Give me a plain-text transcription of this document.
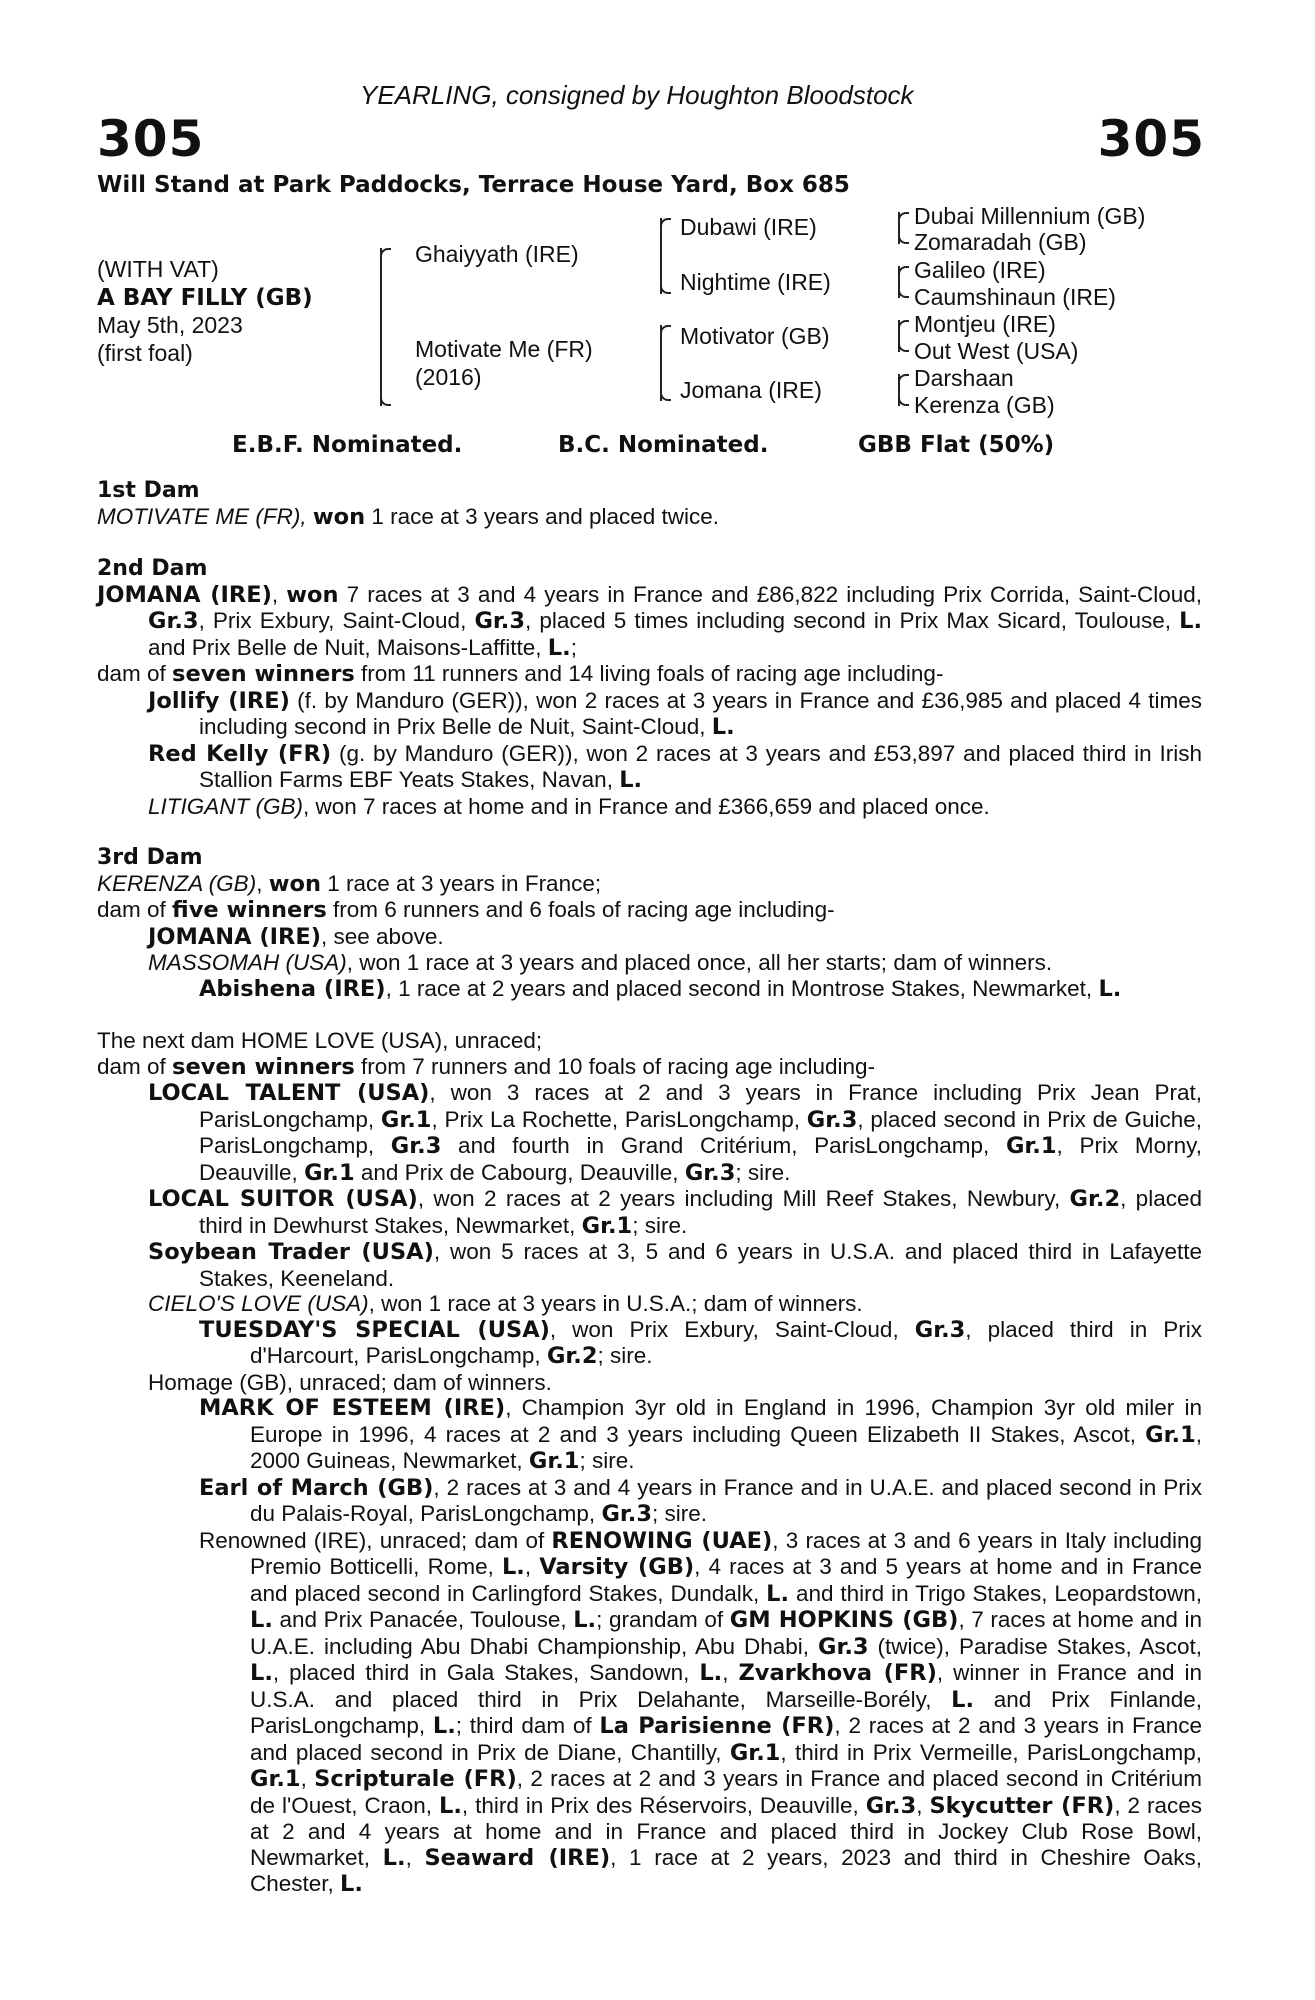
YEARLING, consigned by Houghton Bloodstock
305	305
Will Stand at Park Paddocks, Terrace House Yard, Box 685
(WITH VAT)
A BAY FILLY (GB)
May 5th, 2023
(first foal)
Ghaiyyath (IRE)
Motivate Me (FR)
(2016)
Dubawi (IRE)
Nightime (IRE)
Motivator (GB)
Jomana (IRE)
Dubai Millennium (GB)
Zomaradah (GB)
Galileo (IRE)
Caumshinaun (IRE)
Montjeu (IRE)
Out West (USA)
Darshaan
Kerenza (GB)
E.B.F. Nominated.	B.C. Nominated.	GBB Flat (50%)
1st Dam
MOTIVATE ME (FR), won 1 race at 3 years and placed twice.
2nd Dam
JOMANA (IRE), won 7 races at 3 and 4 years in France and £86,822 including Prix Corrida, Saint-Cloud, Gr.3, Prix Exbury, Saint-Cloud, Gr.3, placed 5 times including second in Prix Max Sicard, Toulouse, L. and Prix Belle de Nuit, Maisons-Laffitte, L.;
dam of seven winners from 11 runners and 14 living foals of racing age including-
Jollify (IRE) (f. by Manduro (GER)), won 2 races at 3 years in France and £36,985 and placed 4 times including second in Prix Belle de Nuit, Saint-Cloud, L.
Red Kelly (FR) (g. by Manduro (GER)), won 2 races at 3 years and £53,897 and placed third in Irish Stallion Farms EBF Yeats Stakes, Navan, L.
LITIGANT (GB), won 7 races at home and in France and £366,659 and placed once.
3rd Dam
KERENZA (GB), won 1 race at 3 years in France;
dam of five winners from 6 runners and 6 foals of racing age including-
JOMANA (IRE), see above.
MASSOMAH (USA), won 1 race at 3 years and placed once, all her starts; dam of winners.
Abishena (IRE), 1 race at 2 years and placed second in Montrose Stakes, Newmarket, L.
The next dam HOME LOVE (USA), unraced;
dam of seven winners from 7 runners and 10 foals of racing age including-
LOCAL TALENT (USA), won 3 races at 2 and 3 years in France including Prix Jean Prat, ParisLongchamp, Gr.1, Prix La Rochette, ParisLongchamp, Gr.3, placed second in Prix de Guiche, ParisLongchamp, Gr.3 and fourth in Grand Critérium, ParisLongchamp, Gr.1, Prix Morny, Deauville, Gr.1 and Prix de Cabourg, Deauville, Gr.3; sire.
LOCAL SUITOR (USA), won 2 races at 2 years including Mill Reef Stakes, Newbury, Gr.2, placed third in Dewhurst Stakes, Newmarket, Gr.1; sire.
Soybean Trader (USA), won 5 races at 3, 5 and 6 years in U.S.A. and placed third in Lafayette Stakes, Keeneland.
CIELO'S LOVE (USA), won 1 race at 3 years in U.S.A.; dam of winners.
TUESDAY'S SPECIAL (USA), won Prix Exbury, Saint-Cloud, Gr.3, placed third in Prix d'Harcourt, ParisLongchamp, Gr.2; sire.
Homage (GB), unraced; dam of winners.
MARK OF ESTEEM (IRE), Champion 3yr old in England in 1996, Champion 3yr old miler in Europe in 1996, 4 races at 2 and 3 years including Queen Elizabeth II Stakes, Ascot, Gr.1, 2000 Guineas, Newmarket, Gr.1; sire.
Earl of March (GB), 2 races at 3 and 4 years in France and in U.A.E. and placed second in Prix du Palais-Royal, ParisLongchamp, Gr.3; sire.
Renowned (IRE), unraced; dam of RENOWING (UAE), 3 races at 3 and 6 years in Italy including Premio Botticelli, Rome, L., Varsity (GB), 4 races at 3 and 5 years at home and in France and placed second in Carlingford Stakes, Dundalk, L. and third in Trigo Stakes, Leopardstown, L. and Prix Panacée, Toulouse, L.; grandam of GM HOPKINS (GB), 7 races at home and in U.A.E. including Abu Dhabi Championship, Abu Dhabi, Gr.3 (twice), Paradise Stakes, Ascot, L., placed third in Gala Stakes, Sandown, L., Zvarkhova (FR), winner in France and in U.S.A. and placed third in Prix Delahante, Marseille-Borély, L. and Prix Finlande, ParisLongchamp, L.; third dam of La Parisienne (FR), 2 races at 2 and 3 years in France and placed second in Prix de Diane, Chantilly, Gr.1, third in Prix Vermeille, ParisLongchamp, Gr.1, Scripturale (FR), 2 races at 2 and 3 years in France and placed second in Critérium de l'Ouest, Craon, L., third in Prix des Réservoirs, Deauville, Gr.3, Skycutter (FR), 2 races at 2 and 4 years at home and in France and placed third in Jockey Club Rose Bowl, Newmarket, L., Seaward (IRE), 1 race at 2 years, 2023 and third in Cheshire Oaks, Chester, L.
